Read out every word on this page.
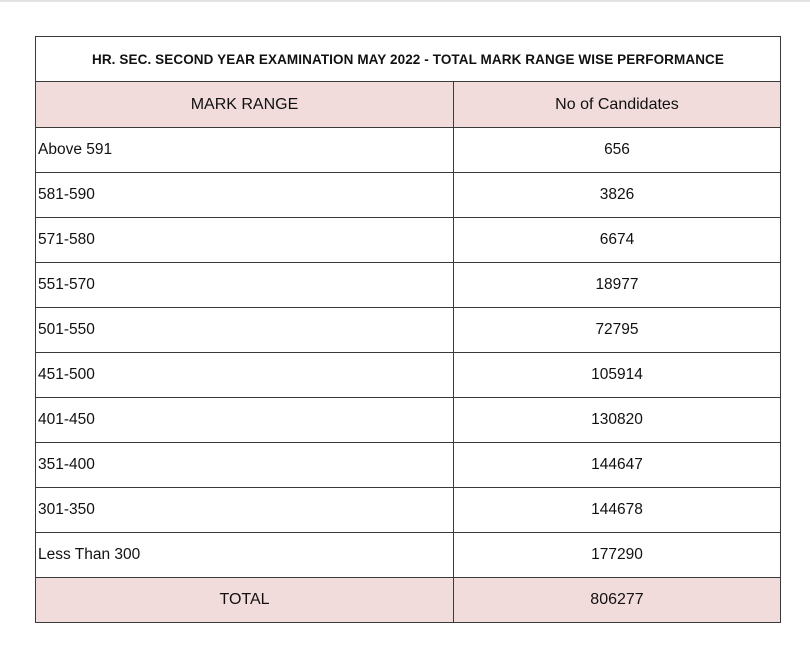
HR. SEC. SECOND YEAR EXAMINATION MAY 2022 - TOTAL MARK RANGE WISE PERFORMANCE	
MARK RANGE	No of Candidates
Above 591	656
581-590	3826
571-580	6674
551-570	18977
501-550	72795
451-500	105914
401-450	130820
351-400	144647
301-350	144678
Less Than 300	177290
TOTAL	806277
